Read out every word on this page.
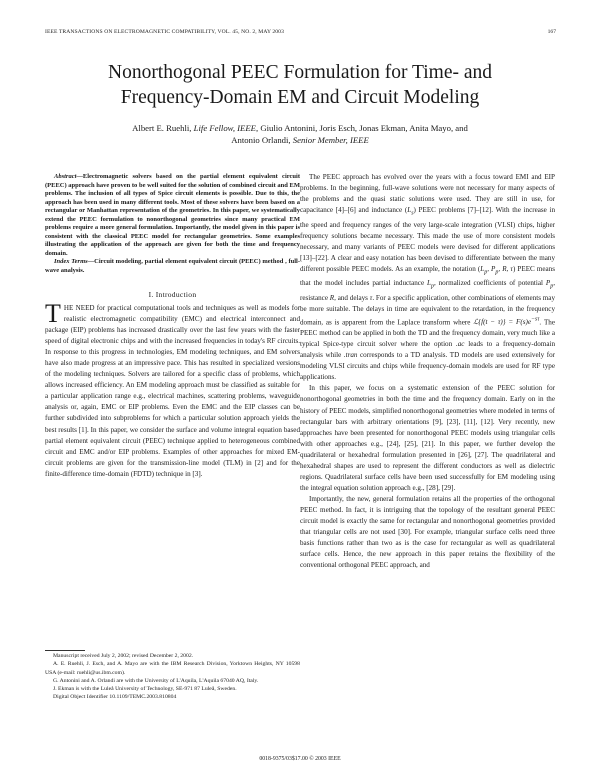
IEEE TRANSACTIONS ON ELECTROMAGNETIC COMPATIBILITY, VOL. 45, NO. 2, MAY 2003	167
Nonorthogonal PEEC Formulation for Time- and
Frequency-Domain EM and Circuit Modeling
Albert E. Ruehli, Life Fellow, IEEE, Giulio Antonini, Joris Esch, Jonas Ekman, Anita Mayo, and
Antonio Orlandi, Senior Member, IEEE

Abstract—Electromagnetic solvers based on the partial element equivalent circuit (PEEC) approach have proven to be well suited for the solution of combined circuit and EM problems. The inclusion of all types of Spice circuit elements is possible. Due to this, the approach has been used in many different tools. Most of these solvers have been based on a rectangular or Manhattan representation of the geometries. In this paper, we systematically extend the PEEC formulation to nonorthogonal geometries since many practical EM problems require a more general formulation. Importantly, the model given in this paper is consistent with the classical PEEC model for rectangular geometries. Some examples illustrating the application of the approach are given for both the time and frequency domain.

Index Terms—Circuit modeling, partial element equivalent circuit (PEEC) method , full-wave analysis.

I. Introduction

THE NEED for practical computational tools and techniques as well as models for realistic electromagnetic compatibility (EMC) and electrical interconnect and package (EIP) problems has increased drastically over the last few years with the faster speed of digital electronic chips and with the increased frequencies in today's RF circuits. In response to this progress in technologies, EM modeling techniques, and EM solvers have also made progress at an impressive pace. This has resulted in specialized versions of the modeling techniques. Solvers are tailored for a specific class of problems, which allows increased efficiency. An EM modeling approach must be classified as suitable for a particular application range e.g., electrical machines, scattering problems, waveguide analysis or, again, EMC or EIP problems. Even the EMC and the EIP classes can be further subdivided into subproblems for which a particular solution approach yields the best results [1]. In this paper, we consider the surface and volume integral equation based partial element equivalent circuit (PEEC) technique applied to heterogeneous combined circuit and EMC and/or EIP problems. Examples of other approaches for mixed EM-circuit problems are given for the transmission-line model (TLM) in [2] and for the finite-difference time-domain (FDTD) technique in [3].

Manuscript received July 2, 2002; revised December 2, 2002.

A. E. Ruehli, J. Esch, and A. Mayo are with the IBM Research Division, Yorktown Heights, NY 10598 USA (e-mail: ruehli@us.ibm.com).

G. Antonini and A. Orlandi are with the University of L'Aquila, L'Aquila 67040 AQ, Italy.

J. Ekman is with the Luleå University of Technology, SE-971 87 Luleå, Sweden.

Digital Object Identifier 10.1109/TEMC.2003.810804

The PEEC approach has evolved over the years with a focus toward EMI and EIP problems. In the beginning, full-wave solutions were not necessary for many aspects of the problems and the quasi static solutions were used. They are still in use, for capacitance [4]–[6] and inductance $(L_s)$ PEEC problems [7]–[12]. With the increase in the speed and frequency ranges of the very large-scale integration (VLSI) chips, higher frequency solutions became necessary. This made the use of more consistent models necessary, and many variants of PEEC models were devised for different applications [13]–[22]. A clear and easy notation has been devised to differentiate between the many different possible PEEC models. As an example, the notation ($L_p$, $P_p$, R, τ) PEEC means that the model includes partial inductance $L_p$, normalized coefficients of potential $P_p$, resistance R, and delays τ. For a specific application, other combinations of elements may be more suitable. The delays in time are equivalent to the retardation, in the frequency domain, as is apparent from the Laplace transform where ℒ{f(t − $\tau)\} = F(s)e^{-s\tau}$. The PEEC method can be applied in both the TD and the frequency domain, very much like a typical Spice-type circuit solver where the option .ac leads to a frequency-domain analysis while .tran corresponds to a TD analysis. TD models are used extensively for modeling VLSI circuits and chips while frequency-domain models are used for RF type applications.

In this paper, we focus on a systematic extension of the PEEC solution for nonorthogonal geometries in both the time and the frequency domain. Early on in the history of PEEC models, simplified nonorthogonal geometries where modeled in terms of rectangular bars with arbitrary orientations [9], [23], [11], [12]. Very recently, new approaches have been presented for nonorthogonal PEEC models using triangular cells with other approaches e.g., [24], [25], [21]. In this paper, we further develop the quadrilateral or hexahedral formulation presented in [26], [27]. The quadrilateral and hexahedral shapes are used to represent the different conductors as well as dielectric regions. Quadrilateral surface cells have been used successfully for EM modeling using the integral equation solution approach e.g., [28], [29].

Importantly, the new, general formulation retains all the properties of the orthogonal PEEC method. In fact, it is intriguing that the topology of the resultant general PEEC circuit model is exactly the same for rectangular and nonorthogonal geometries provided that triangular cells are not used [30]. For example, triangular surface cells need three basis functions rather than two as is the case for rectangular as well as quadrilateral surface cells. Hence, the new approach in this paper retains the flexibility of the conventional orthogonal PEEC approach, and

0018-9375/03$17.00 © 2003 IEEE
